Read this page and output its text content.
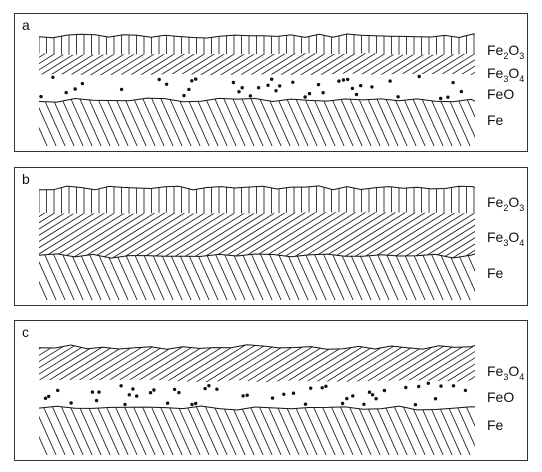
a
$Fe_2O_3$
$Fe_3O_4$
FeO
Fe
b
$Fe_2O_3$
$Fe_3O_4$
Fe
c
$Fe_3O_4$
FeO
Fe
